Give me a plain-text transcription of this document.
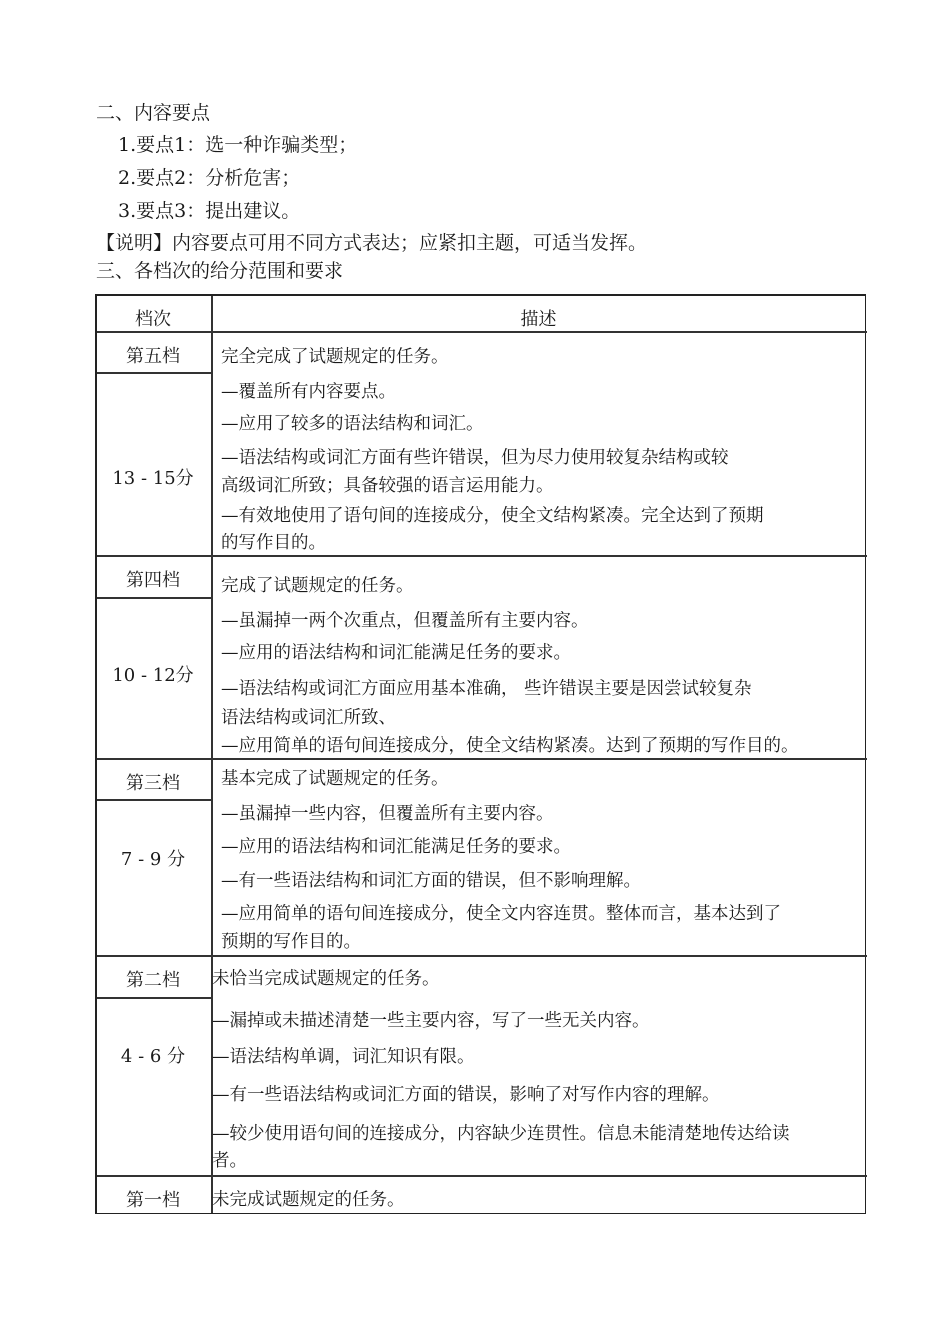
二、内容要点
1.要点1：选一种诈骗类型；
2.要点2：分析危害；
3.要点3：提出建议。
【说明】内容要点可用不同方式表达；应紧扣主题，可适当发挥。
三、各档次的给分范围和要求
档次	描述
第五档
13 - 15分
完全完成了试题规定的任务。
—覆盖所有内容要点。
—应用了较多的语法结构和词汇。
—语法结构或词汇方面有些许错误，但为尽力使用较复杂结构或较
高级词汇所致；具备较强的语言运用能力。
—有效地使用了语句间的连接成分，使全文结构紧凑。完全达到了预期
的写作目的。
第四档
10 - 12分
完成了试题规定的任务。
—虽漏掉一两个次重点，但覆盖所有主要内容。
—应用的语法结构和词汇能满足任务的要求。
—语法结构或词汇方面应用基本准确， 些许错误主要是因尝试较复杂
语法结构或词汇所致、
—应用简单的语句间连接成分，使全文结构紧凑。达到了预期的写作目的。
第三档
7 - 9 分
基本完成了试题规定的任务。
—虽漏掉一些内容，但覆盖所有主要内容。
—应用的语法结构和词汇能满足任务的要求。
—有一些语法结构和词汇方面的错误，但不影响理解。
—应用简单的语句间连接成分，使全文内容连贯。整体而言，基本达到了
预期的写作目的。
第二档
4 - 6 分
未恰当完成试题规定的任务。
—漏掉或未描述清楚一些主要内容，写了一些无关内容。
—语法结构单调，词汇知识有限。
—有一些语法结构或词汇方面的错误，影响了对写作内容的理解。
—较少使用语句间的连接成分，内容缺少连贯性。信息未能清楚地传达给读
者。
第一档	未完成试题规定的任务。
